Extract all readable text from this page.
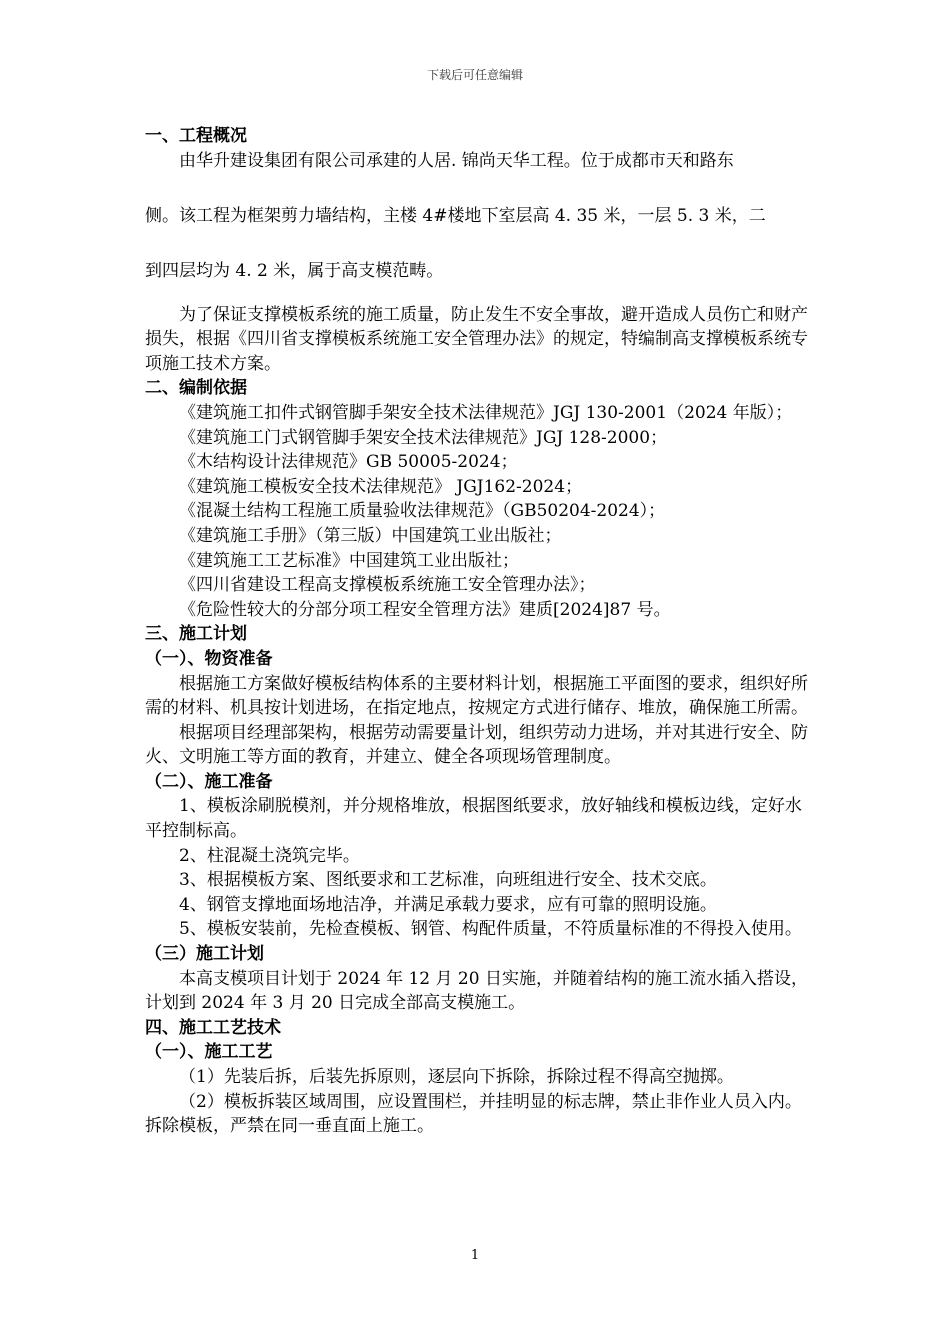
下载后可任意编辑

一、工程概况

由华升建设集团有限公司承建的人居. 锦尚天华工程。位于成都市天和路东

侧。该工程为框架剪力墙结构，主楼 4#楼地下室层高 4. 35 米，一层 5. 3 米，二

到四层均为 4. 2 米，属于高支模范畴。

为了保证支撑模板系统的施工质量，防止发生不安全事故，避开造成人员伤亡和财产损失，根据《四川省支撑模板系统施工安全管理办法》的规定，特编制高支撑模板系统专项施工技术方案。

二、编制依据

《建筑施工扣件式钢管脚手架安全技术法律规范》JGJ 130-2001（2024 年版）；

《建筑施工门式钢管脚手架安全技术法律规范》JGJ 128-2000；

《木结构设计法律规范》GB 50005-2024；

《建筑施工模板安全技术法律规范》 JGJ162-2024；

《混凝土结构工程施工质量验收法律规范》（GB50204-2024）；

《建筑施工手册》（第三版）中国建筑工业出版社；

《建筑施工工艺标准》中国建筑工业出版社；

《四川省建设工程高支撑模板系统施工安全管理办法》；

《危险性较大的分部分项工程安全管理方法》建质[2024]87 号。

三、施工计划

（一）、物资准备

根据施工方案做好模板结构体系的主要材料计划，根据施工平面图的要求，组织好所需的材料、机具按计划进场，在指定地点，按规定方式进行储存、堆放，确保施工所需。

根据项目经理部架构，根据劳动需要量计划，组织劳动力进场，并对其进行安全、防火、文明施工等方面的教育，并建立、健全各项现场管理制度。

（二）、施工准备

1、模板涂刷脱模剂，并分规格堆放，根据图纸要求，放好轴线和模板边线，定好水平控制标高。

2、柱混凝土浇筑完毕。

3、根据模板方案、图纸要求和工艺标准，向班组进行安全、技术交底。

4、钢管支撑地面场地洁净，并满足承载力要求，应有可靠的照明设施。

5、模板安装前，先检查模板、钢管、构配件质量，不符质量标准的不得投入使用。

（三）施工计划

本高支模项目计划于 2024 年 12 月 20 日实施，并随着结构的施工流水插入搭设，计划到 2024 年 3 月 20 日完成全部高支模施工。

四、施工工艺技术

（一）、施工工艺

（1）先装后拆，后装先拆原则，逐层向下拆除，拆除过程不得高空抛掷。

（2）模板拆装区域周围，应设置围栏，并挂明显的标志牌，禁止非作业人员入内。拆除模板，严禁在同一垂直面上施工。

1
